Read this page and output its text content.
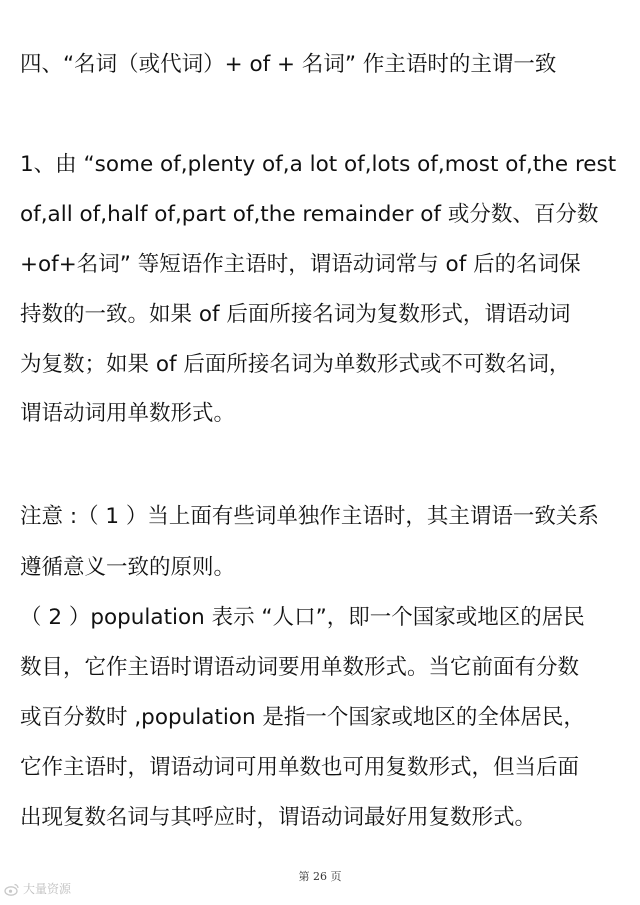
四、“名词（或代词）+ of + 名词” 作主语时的主谓一致
1、由 “some of,plenty of,a lot of,lots of,most of,the rest
of,all of,half of,part of,the remainder of 或分数、百分数
+of+名词” 等短语作主语时，谓语动词常与 of 后的名词保
持数的一致。如果 of 后面所接名词为复数形式，谓语动词
为复数；如果 of 后面所接名词为单数形式或不可数名词，
谓语动词用单数形式。
注意 :（ 1 ）当上面有些词单独作主语时，其主谓语一致关系
遵循意义一致的原则。
（ 2 ）population 表示 “人口”，即一个国家或地区的居民
数目，它作主语时谓语动词要用单数形式。当它前面有分数
或百分数时 ,population 是指一个国家或地区的全体居民，
它作主语时，谓语动词可用单数也可用复数形式，但当后面
出现复数名词与其呼应时，谓语动词最好用复数形式。
第 26 页
大量资源
